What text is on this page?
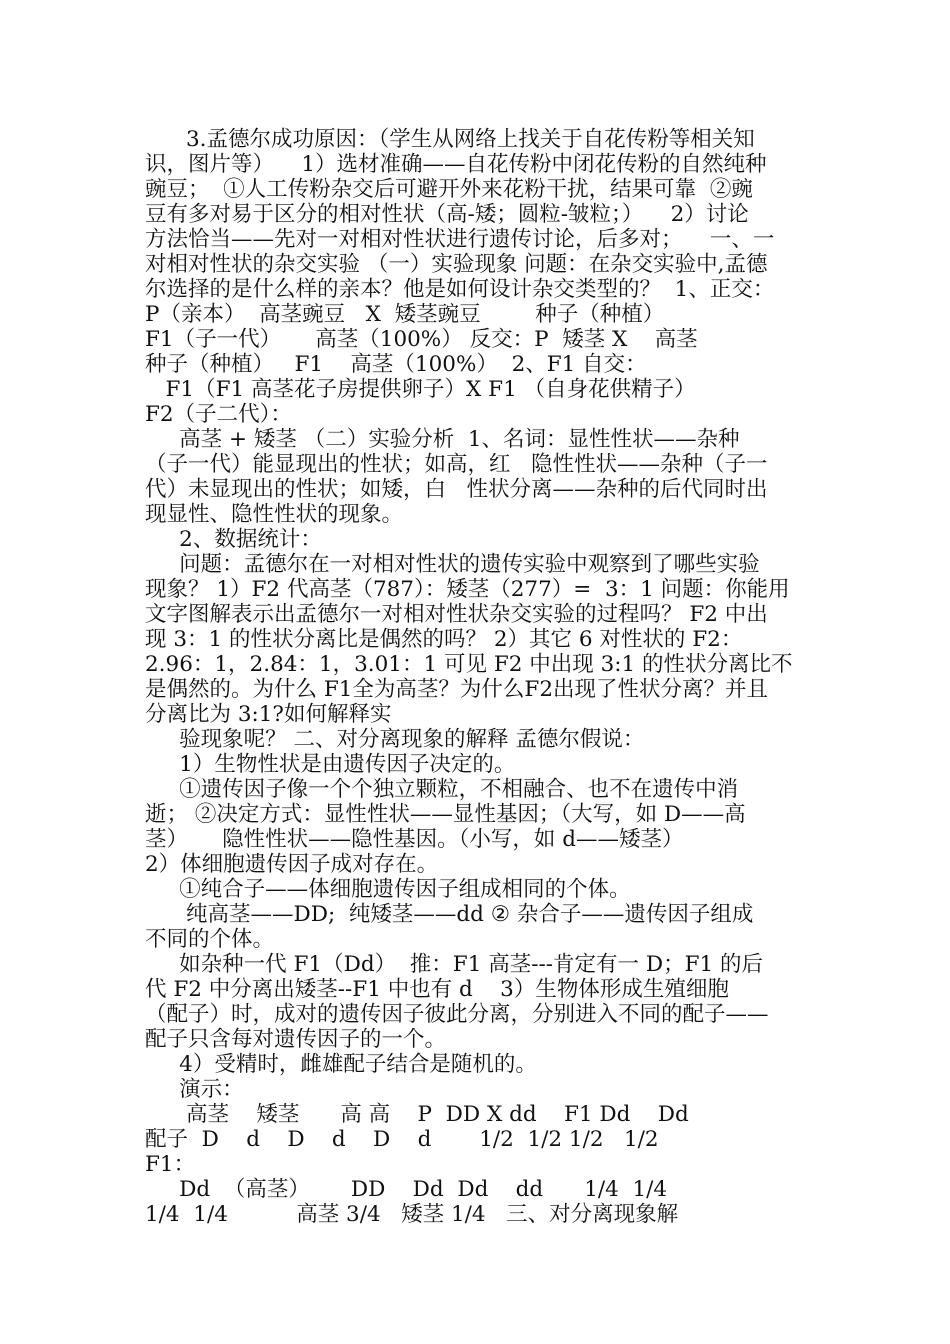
3.孟德尔成功原因：（学生从网络上找关于自花传粉等相关知
识，图片等）    1）选材准确——自花传粉中闭花传粉的自然纯种
豌豆；  ①人工传粉杂交后可避开外来花粉干扰，结果可靠  ②豌
豆有多对易于区分的相对性状（高-矮；圆粒-皱粒；）    2）讨论
方法恰当——先对一对相对性状进行遗传讨论，后多对；    一、一
对相对性状的杂交实验 （一）实验现象 问题：在杂交实验中,孟德
尔选择的是什么样的亲本？他是如何设计杂交类型的？  1、正交：
P（亲本）  高茎豌豆   X  矮茎豌豆        种子（种植）
F1（子一代）     高茎（100%） 反交：P  矮茎 X    高茎
种子（种植）   F1    高茎（100%）  2、F1 自交：
F1（F1 高茎花子房提供卵子）X F1 （自身花供精子）
F2（子二代）：
高茎 + 矮茎 （二）实验分析  1、名词：显性性状——杂种
（子一代）能显现出的性状；如高，红   隐性性状——杂种（子一
代）未显现出的性状；如矮，白   性状分离——杂种的后代同时出
现显性、隐性性状的现象。
2、数据统计：
问题：孟德尔在一对相对性状的遗传实验中观察到了哪些实验
现象？ 1）F2 代高茎（787）：矮茎（277）=  3：1 问题：你能用
文字图解表示出孟德尔一对相对性状杂交实验的过程吗？ F2 中出
现 3：1 的性状分离比是偶然的吗？ 2）其它 6 对性状的 F2：
2.96：1，2.84：1，3.01：1 可见 F2 中出现 3:1 的性状分离比不
是偶然的。为什么 F1全为高茎？为什么F2出现了性状分离？并且
分离比为 3:1?如何解释实
验现象呢？ 二、对分离现象的解释 孟德尔假说：
1）生物性状是由遗传因子决定的。
①遗传因子像一个个独立颗粒，不相融合、也不在遗传中消
逝； ②决定方式：显性性状——显性基因；（大写，如 D——高
茎）     隐性性状——隐性基因。（小写，如 d——矮茎）
2）体细胞遗传因子成对存在。
①纯合子——体细胞遗传因子组成相同的个体。
纯高茎——DD;  纯矮茎——dd ② 杂合子——遗传因子组成
不同的个体。
如杂种一代 F1（Dd）  推：F1 高茎---肯定有一 D；F1 的后
代 F2 中分离出矮茎--F1 中也有 d    3）生物体形成生殖细胞
（配子）时，成对的遗传因子彼此分离，分别进入不同的配子——
配子只含每对遗传因子的一个。
4）受精时，雌雄配子结合是随机的。
演示：
高茎    矮茎      高 高    P  DD X dd    F1 Dd    Dd
配子  D    d    D    d    D    d       1/2  1/2 1/2   1/2
F1：
Dd  （高茎）      DD    Dd  Dd    dd      1/4  1/4
1/4  1/4          高茎 3/4   矮茎 1/4   三、对分离现象解
